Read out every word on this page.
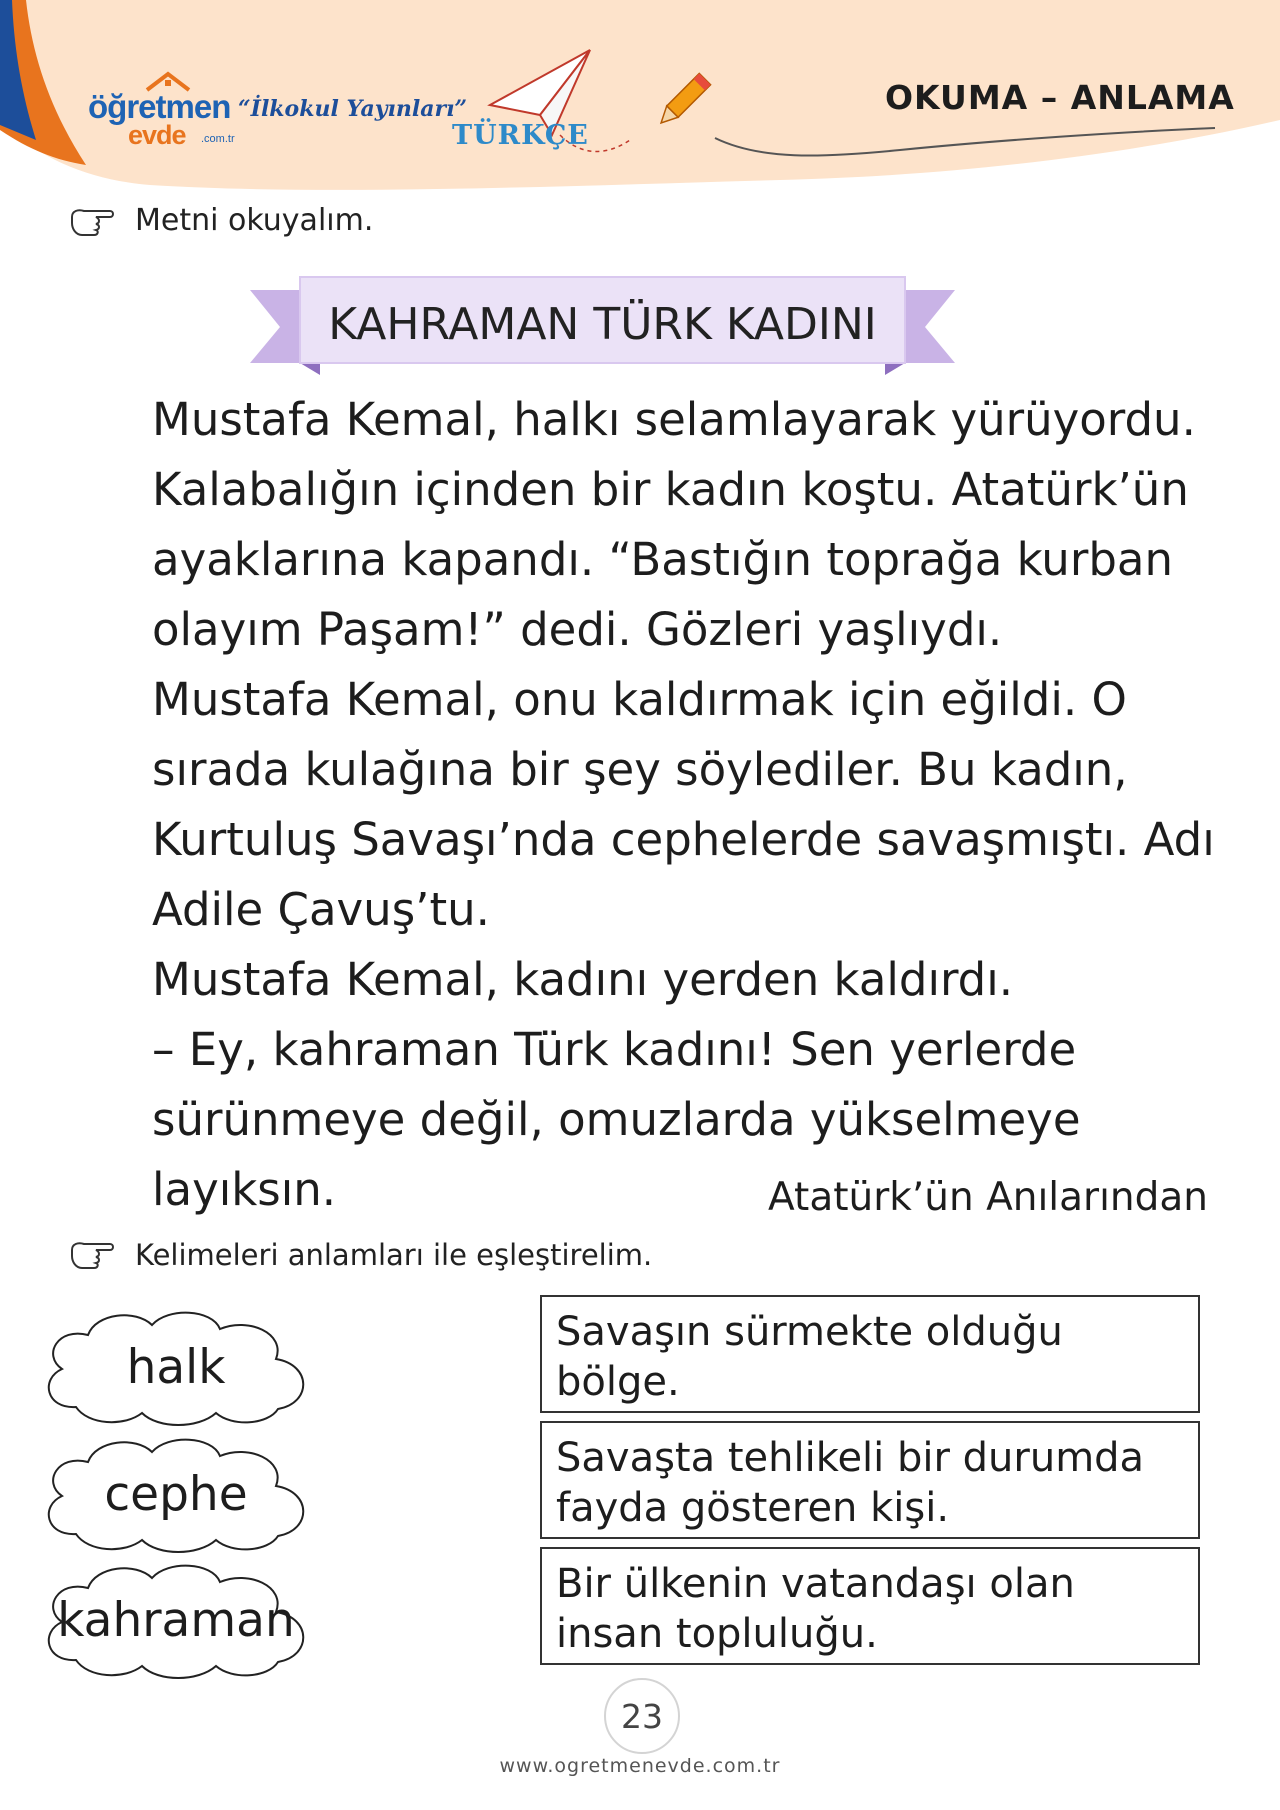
öğretmen
evde .com.tr
“İlkokul Yayınları”
TÜRKÇE
OKUMA – ANLAMA
Metni okuyalım.
KAHRAMAN TÜRK KADINI

Mustafa Kemal, halkı selamlayarak yürüyordu. Kalabalığın içinden bir kadın koştu. Atatürk’ün ayaklarına kapandı. “Bastığın toprağa kurban olayım Paşam!” dedi. Gözleri yaşlıydı.

Mustafa Kemal, onu kaldırmak için eğildi. O sırada kulağına bir şey söylediler. Bu kadın, Kurtuluş Savaşı’nda cephelerde savaşmıştı. Adı Adile Çavuş’tu.

Mustafa Kemal, kadını yerden kaldırdı.

– Ey, kahraman Türk kadını! Sen yerlerde sürünmeye değil, omuzlarda yükselmeye layıksın.	Atatürk’ün Anılarından
Kelimeleri anlamları ile eşleştirelim.
halk
cephe
kahraman
Savaşın sürmekte olduğu bölge.
Savaşta tehlikeli bir durumda fayda gösteren kişi.
Bir ülkenin vatandaşı olan insan topluluğu.
23
www.ogretmenevde.com.tr
